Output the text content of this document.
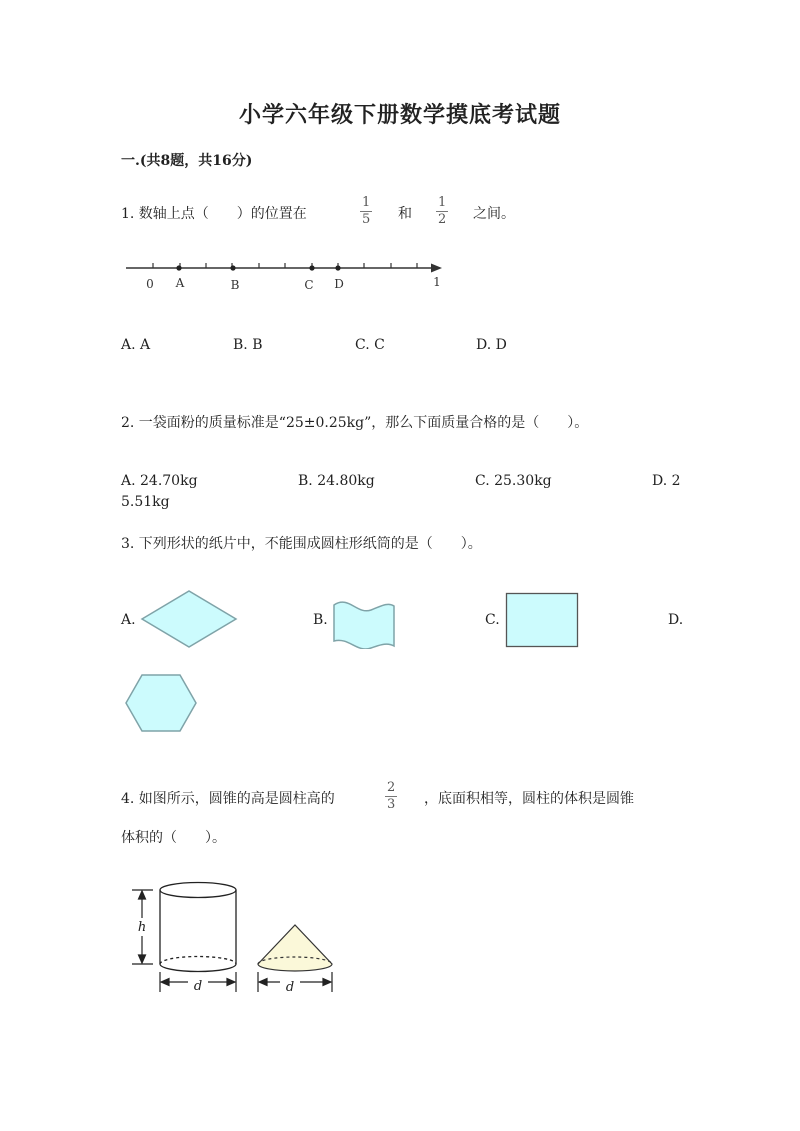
小学六年级下册数学摸底考试题
一.(共8题，共16分)
1. 数轴上点（　　）的位置在
1
5 和
1
2 之间。
0 A	B	C D	1
A. A	B. B	C. C	D. D
2. 一袋面粉的质量标准是“25±0.25kg”，那么下面质量合格的是（　　）。
A. 24.70kg	B. 24.80kg	C. 25.30kg	D. 2
5.51kg
3. 下列形状的纸片中，不能围成圆柱形纸筒的是（　　）。
A.	B.	C.	D.
4. 如图所示，圆锥的高是圆柱高的
2
3 ，底面积相等，圆柱的体积是圆锥
体积的（　　）。
h
d	d
